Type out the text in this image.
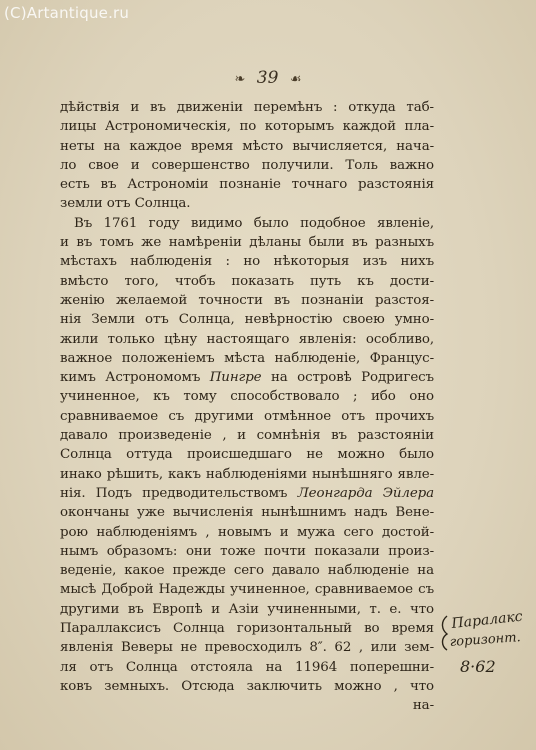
(C)Artantique.ru
❧ 39 ☙
дѣйствія и въ движеніи перемѣнъ : откуда таб-
лицы Астрономическія, по которымъ каждой пла-
неты на каждое время мѣсто вычисляется, нача-
ло свое и совершенство получили. Толь важно
есть въ Астрономіи познаніе точнаго разстоянія
земли отъ Солнца.
Въ 1761 году видимо было подобное явленіе,
и въ томъ же намѣреніи дѣланы были въ разныхъ
мѣстахъ наблюденія : но нѣкоторыя изъ нихъ
вмѣсто того, чтобъ показать путь къ дости-
женію желаемой точности въ познаніи разстоя-
нія Земли отъ Солнца, невѣрностію своею умно-
жили только цѣну настоящаго явленія: особливо,
важное положеніемъ мѣста наблюденіе, Францус-
кимъ Астрономомъ Пингре на островѣ Родригесъ
учиненное, къ тому способствовало ; ибо оно
сравниваемое съ другими отмѣнное отъ прочихъ
давало произведеніе , и сомнѣнія въ разстояніи
Солнца оттуда происшедшаго не можно было
инако рѣшить, какъ наблюденіями нынѣшняго явле-
нія. Подъ предводительствомъ Леонгарда Эйлера
окончаны уже вычисленія нынѣшнимъ надъ Вене-
рою наблюденіямъ , новымъ и мужа сего достой-
нымъ образомъ: они тоже почти показали произ-
веденіе, какое прежде сего давало наблюденіе на
мысѣ Доброй Надежды учиненное, сравниваемое съ
другими въ Европѣ и Азіи учиненными, т. е. что
Параллаксисъ Солнца горизонтальный во время
явленія Веверы не превосходилъ 8″. 62 , или зем-
ля отъ Солнца отстояла на 11964 поперешни-
ковъ земныхъ. Отсюда заключить можно , что
на-
Паралакс
горизонт.
8·62
